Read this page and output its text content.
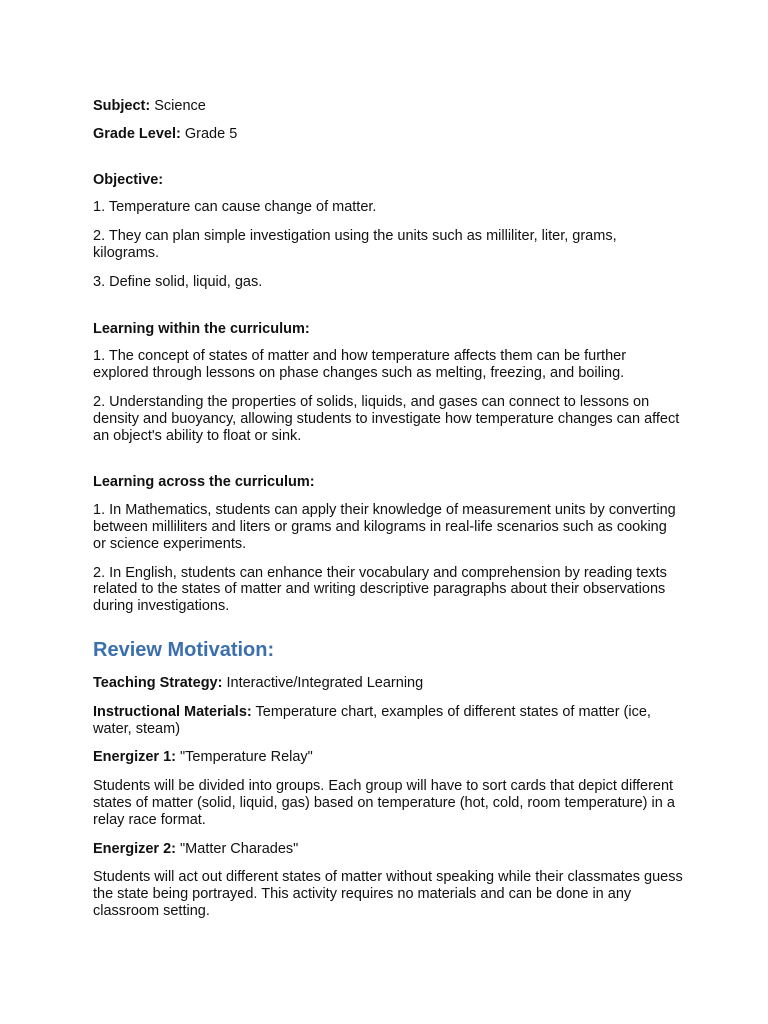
Subject: Science
Grade Level: Grade 5
Objective:
1. Temperature can cause change of matter.
2. They can plan simple investigation using the units such as milliliter, liter, grams, kilograms.
3. Define solid, liquid, gas.
Learning within the curriculum:
1. The concept of states of matter and how temperature affects them can be further explored through lessons on phase changes such as melting, freezing, and boiling.
2. Understanding the properties of solids, liquids, and gases can connect to lessons on density and buoyancy, allowing students to investigate how temperature changes can affect an object's ability to float or sink.
Learning across the curriculum:
1. In Mathematics, students can apply their knowledge of measurement units by converting between milliliters and liters or grams and kilograms in real-life scenarios such as cooking or science experiments.
2. In English, students can enhance their vocabulary and comprehension by reading texts related to the states of matter and writing descriptive paragraphs about their observations during investigations.
Review Motivation:
Teaching Strategy: Interactive/Integrated Learning
Instructional Materials: Temperature chart, examples of different states of matter (ice, water, steam)
Energizer 1: "Temperature Relay"
Students will be divided into groups. Each group will have to sort cards that depict different states of matter (solid, liquid, gas) based on temperature (hot, cold, room temperature) in a relay race format.
Energizer 2: "Matter Charades"
Students will act out different states of matter without speaking while their classmates guess the state being portrayed. This activity requires no materials and can be done in any classroom setting.
